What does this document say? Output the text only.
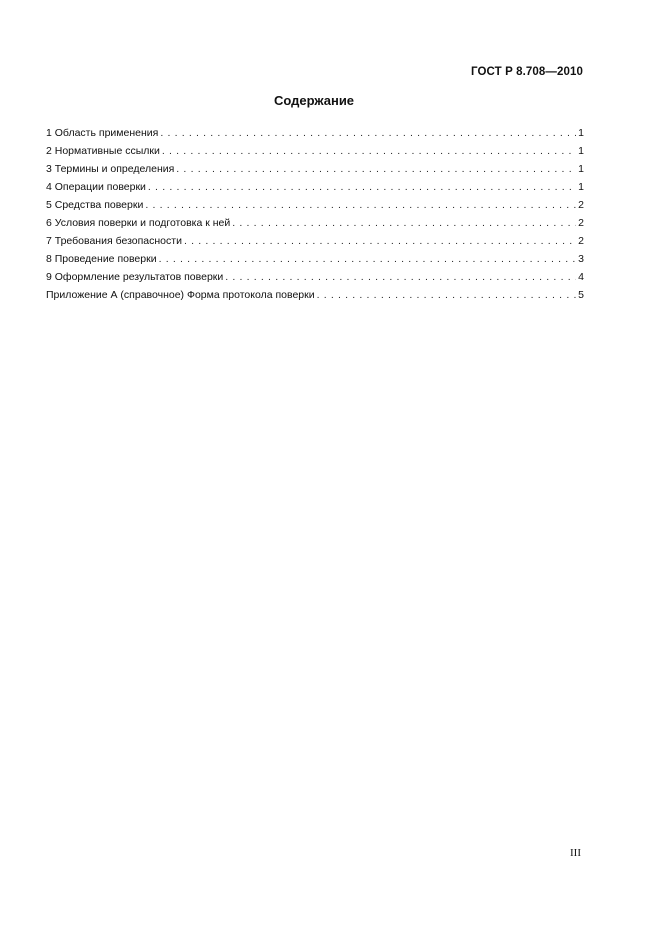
ГОСТ Р 8.708—2010
Содержание
1 Область применения . . .	1
2 Нормативные ссылки . . .	1
3 Термины и определения . . .	1
4 Операции поверки . . .	1
5 Средства поверки . . .	2
6 Условия поверки и подготовка к ней . . .	2
7 Требования безопасности . . .	2
8 Проведение поверки . . .	3
9 Оформление результатов поверки . . .	4
Приложение А (справочное) Форма протокола поверки . . .	5
III
